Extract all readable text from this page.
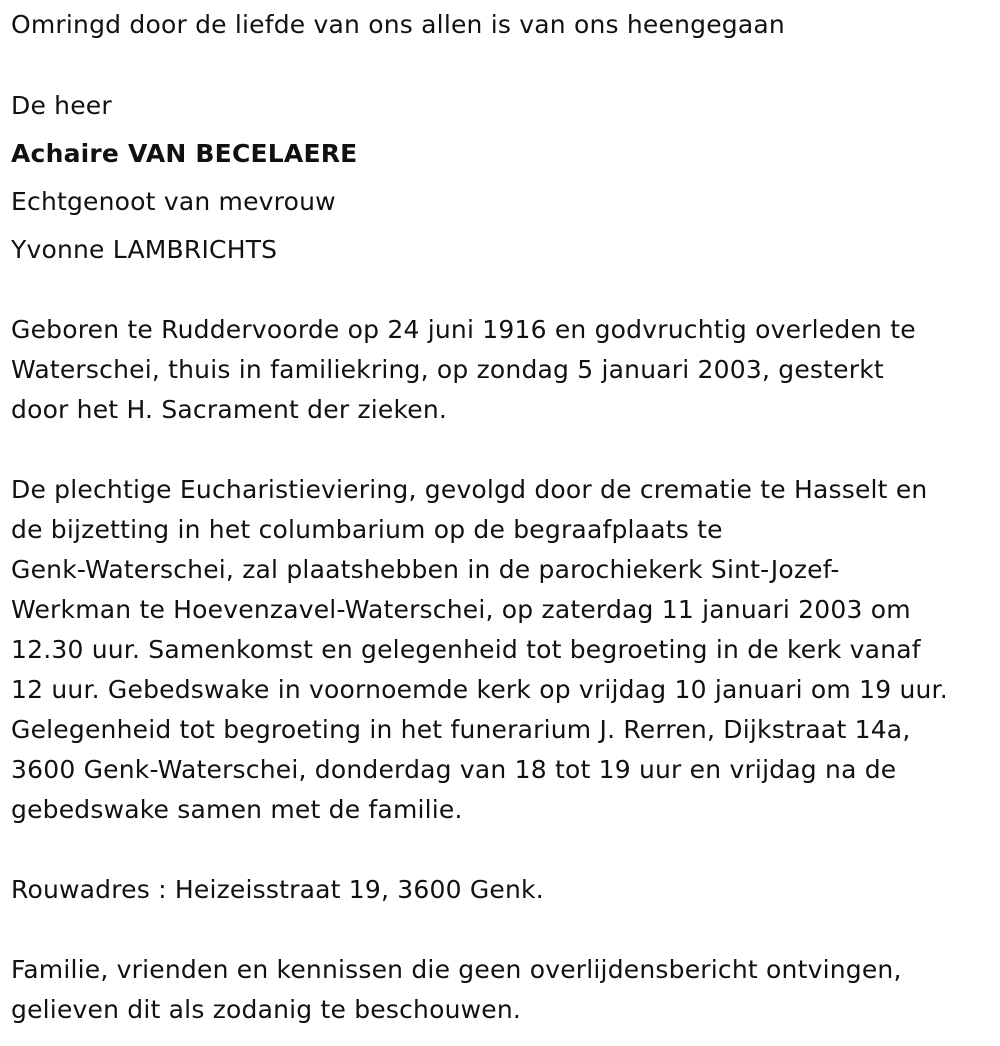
Omringd door de liefde van ons allen is van ons heengegaan

De heer

Achaire VAN BECELAERE

Echtgenoot van mevrouw

Yvonne LAMBRICHTS

Geboren te Ruddervoorde op 24 juni 1916 en godvruchtig overleden te
Waterschei, thuis in familiekring, op zondag 5 januari 2003, gesterkt
door het H. Sacrament der zieken.
De plechtige Eucharistieviering, gevolgd door de crematie te Hasselt en
de bijzetting in het columbarium op de begraafplaats te
Genk-Waterschei, zal plaatshebben in de parochiekerk Sint-Jozef-
Werkman te Hoevenzavel-Waterschei, op zaterdag 11 januari 2003 om
12.30 uur. Samenkomst en gelegenheid tot begroeting in de kerk vanaf
12 uur. Gebedswake in voornoemde kerk op vrijdag 10 januari om 19 uur.
Gelegenheid tot begroeting in het funerarium J. Rerren, Dijkstraat 14a,
3600 Genk-Waterschei, donderdag van 18 tot 19 uur en vrijdag na de
gebedswake samen met de familie.

Rouwadres : Heizeisstraat 19, 3600 Genk.

Familie, vrienden en kennissen die geen overlijdensbericht ontvingen,
gelieven dit als zodanig te beschouwen.
